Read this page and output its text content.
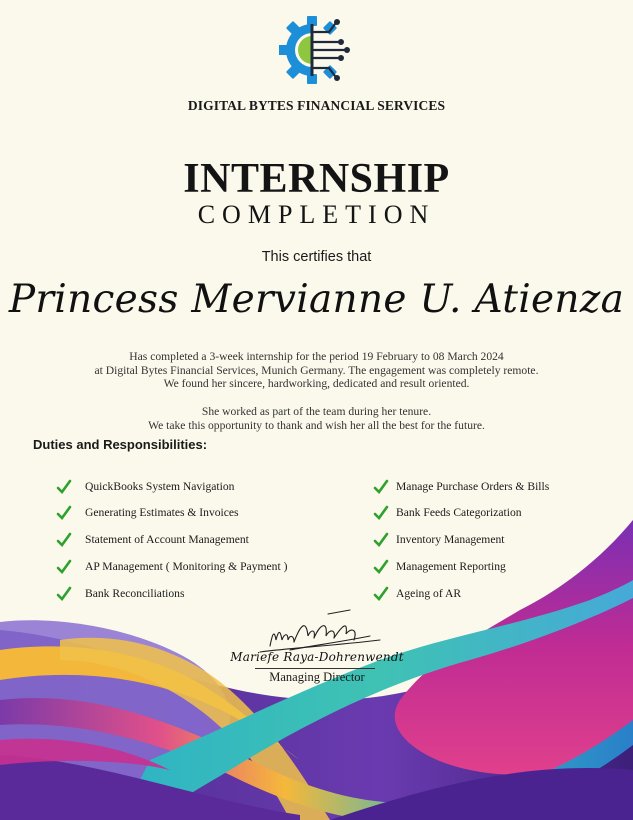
DIGITAL BYTES FINANCIAL SERVICES
INTERNSHIP
COMPLETION
This certifies that
Princess Mervianne U. Atienza
Has completed a 3-week internship for the period 19 February to 08 March 2024
at Digital Bytes Financial Services, Munich Germany. The engagement was completely remote.
We found her sincere, hardworking, dedicated and result oriented.
She worked as part of the team during her tenure.
We take this opportunity to thank and wish her all the best for the future.
Duties and Responsibilities:
QuickBooks System Navigation
Generating Estimates & Invoices
Statement of Account Management
AP Management ( Monitoring & Payment )
Bank Reconciliations
Manage Purchase Orders & Bills
Bank Feeds Categorization
Inventory Management
Management Reporting
Ageing of AR
Mariefe Raya-Dohrenwendt
Managing Director
